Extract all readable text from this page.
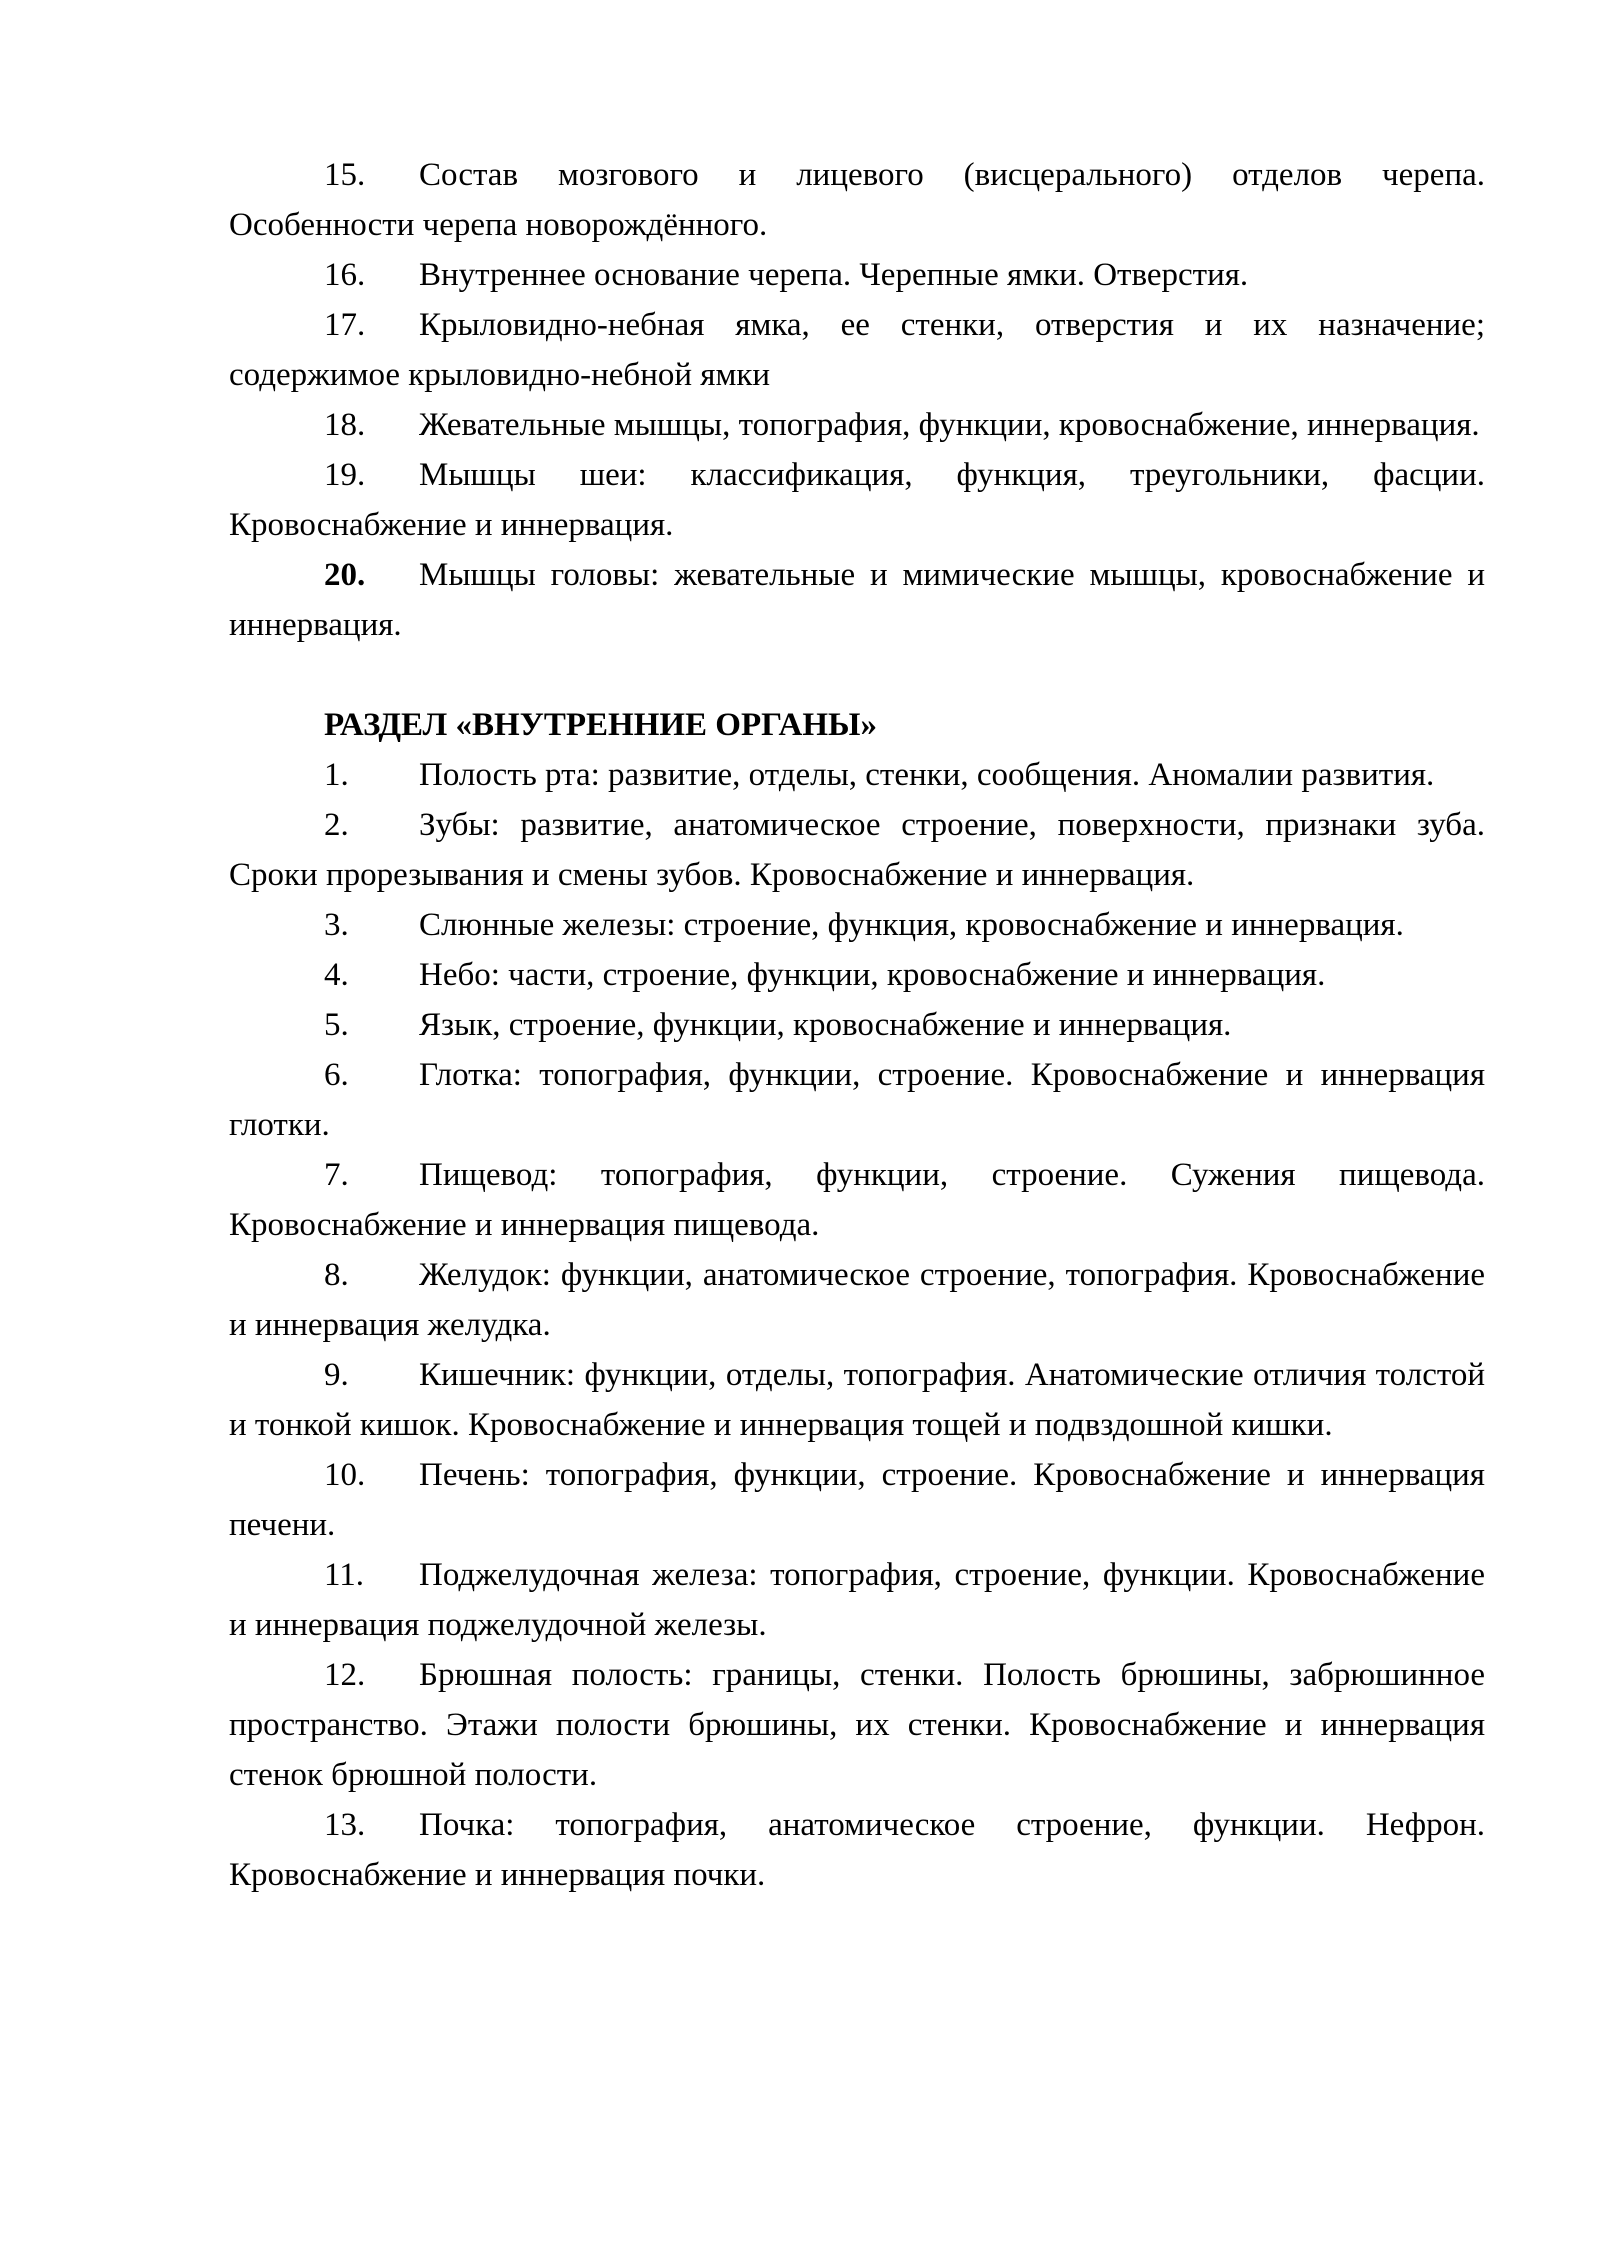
15. Состав мозгового и лицевого (висцерального) отделов черепа. Особенности черепа новорождённого.

16. Внутреннее основание черепа. Черепные ямки. Отверстия.

17. Крыловидно-небная ямка, ее стенки, отверстия и их назначение; содержимое крыловидно-небной ямки

18. Жевательные мышцы, топография, функции, кровоснабжение, иннервация.

19. Мышцы шеи: классификация, функция, треугольники, фасции. Кровоснабжение и иннервация.

20. Мышцы головы: жевательные и мимические мышцы, кровоснабжение и иннервация.

РАЗДЕЛ «ВНУТРЕННИЕ ОРГАНЫ»

1. Полость рта: развитие, отделы, стенки, сообщения. Аномалии развития.

2. Зубы: развитие, анатомическое строение, поверхности, признаки зуба. Сроки прорезывания и смены зубов. Кровоснабжение и иннервация.

3. Слюнные железы: строение, функция, кровоснабжение и иннервация.

4. Небо: части, строение, функции, кровоснабжение и иннервация.

5. Язык, строение, функции, кровоснабжение и иннервация.

6. Глотка: топография, функции, строение. Кровоснабжение и иннервация глотки.

7. Пищевод: топография, функции, строение. Сужения пищевода. Кровоснабжение и иннервация пищевода.

8. Желудок: функции, анатомическое строение, топография. Кровоснабжение и иннервация желудка.

9. Кишечник: функции, отделы, топография. Анатомические отличия толстой и тонкой кишок. Кровоснабжение и иннервация тощей и подвздошной кишки.

10. Печень: топография, функции, строение. Кровоснабжение и иннервация печени.

11. Поджелудочная железа: топография, строение, функции. Кровоснабжение и иннервация поджелудочной железы.

12. Брюшная полость: границы, стенки. Полость брюшины, забрюшинное пространство. Этажи полости брюшины, их стенки. Кровоснабжение и иннервация стенок брюшной полости.

13. Почка: топография, анатомическое строение, функции. Нефрон. Кровоснабжение и иннервация почки.
